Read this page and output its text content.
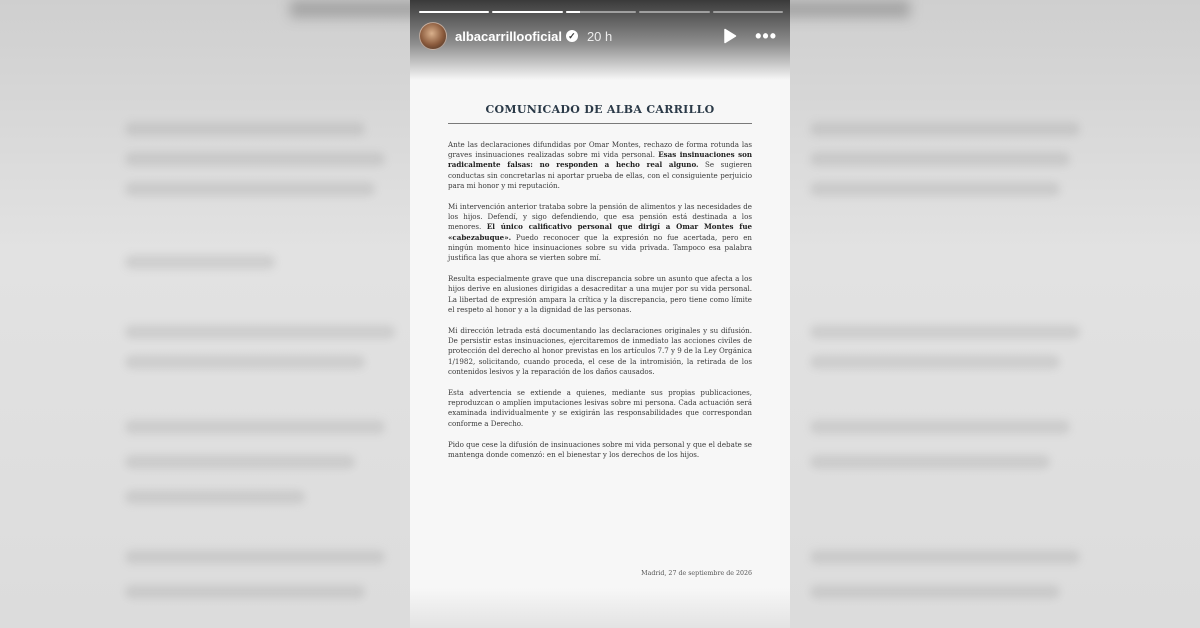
albacarrillooficial ✓ 20 h	•••
COMUNICADO DE ALBA CARRILLO

Ante las declaraciones difundidas por Omar Montes, rechazo de forma rotunda las graves insinuaciones realizadas sobre mi vida personal. Esas insinuaciones son radicalmente falsas: no responden a hecho real alguno. Se sugieren conductas sin concretarlas ni aportar prueba de ellas, con el consiguiente perjuicio para mi honor y mi reputación.

Mi intervención anterior trataba sobre la pensión de alimentos y las necesidades de los hijos. Defendí, y sigo defendiendo, que esa pensión está destinada a los menores. El único calificativo personal que dirigí a Omar Montes fue «cabezabuque». Puedo reconocer que la expresión no fue acertada, pero en ningún momento hice insinuaciones sobre su vida privada. Tampoco esa palabra justifica las que ahora se vierten sobre mí.

Resulta especialmente grave que una discrepancia sobre un asunto que afecta a los hijos derive en alusiones dirigidas a desacreditar a una mujer por su vida personal. La libertad de expresión ampara la crítica y la discrepancia, pero tiene como límite el respeto al honor y a la dignidad de las personas.

Mi dirección letrada está documentando las declaraciones originales y su difusión. De persistir estas insinuaciones, ejercitaremos de inmediato las acciones civiles de protección del derecho al honor previstas en los artículos 7.7 y 9 de la Ley Orgánica 1/1982, solicitando, cuando proceda, el cese de la intromisión, la retirada de los contenidos lesivos y la reparación de los daños causados.

Esta advertencia se extiende a quienes, mediante sus propias publicaciones, reproduzcan o amplíen imputaciones lesivas sobre mi persona. Cada actuación será examinada individualmente y se exigirán las responsabilidades que correspondan conforme a Derecho.

Pido que cese la difusión de insinuaciones sobre mi vida personal y que el debate se mantenga donde comenzó: en el bienestar y los derechos de los hijos.

Madrid, 27 de septiembre de 2026
